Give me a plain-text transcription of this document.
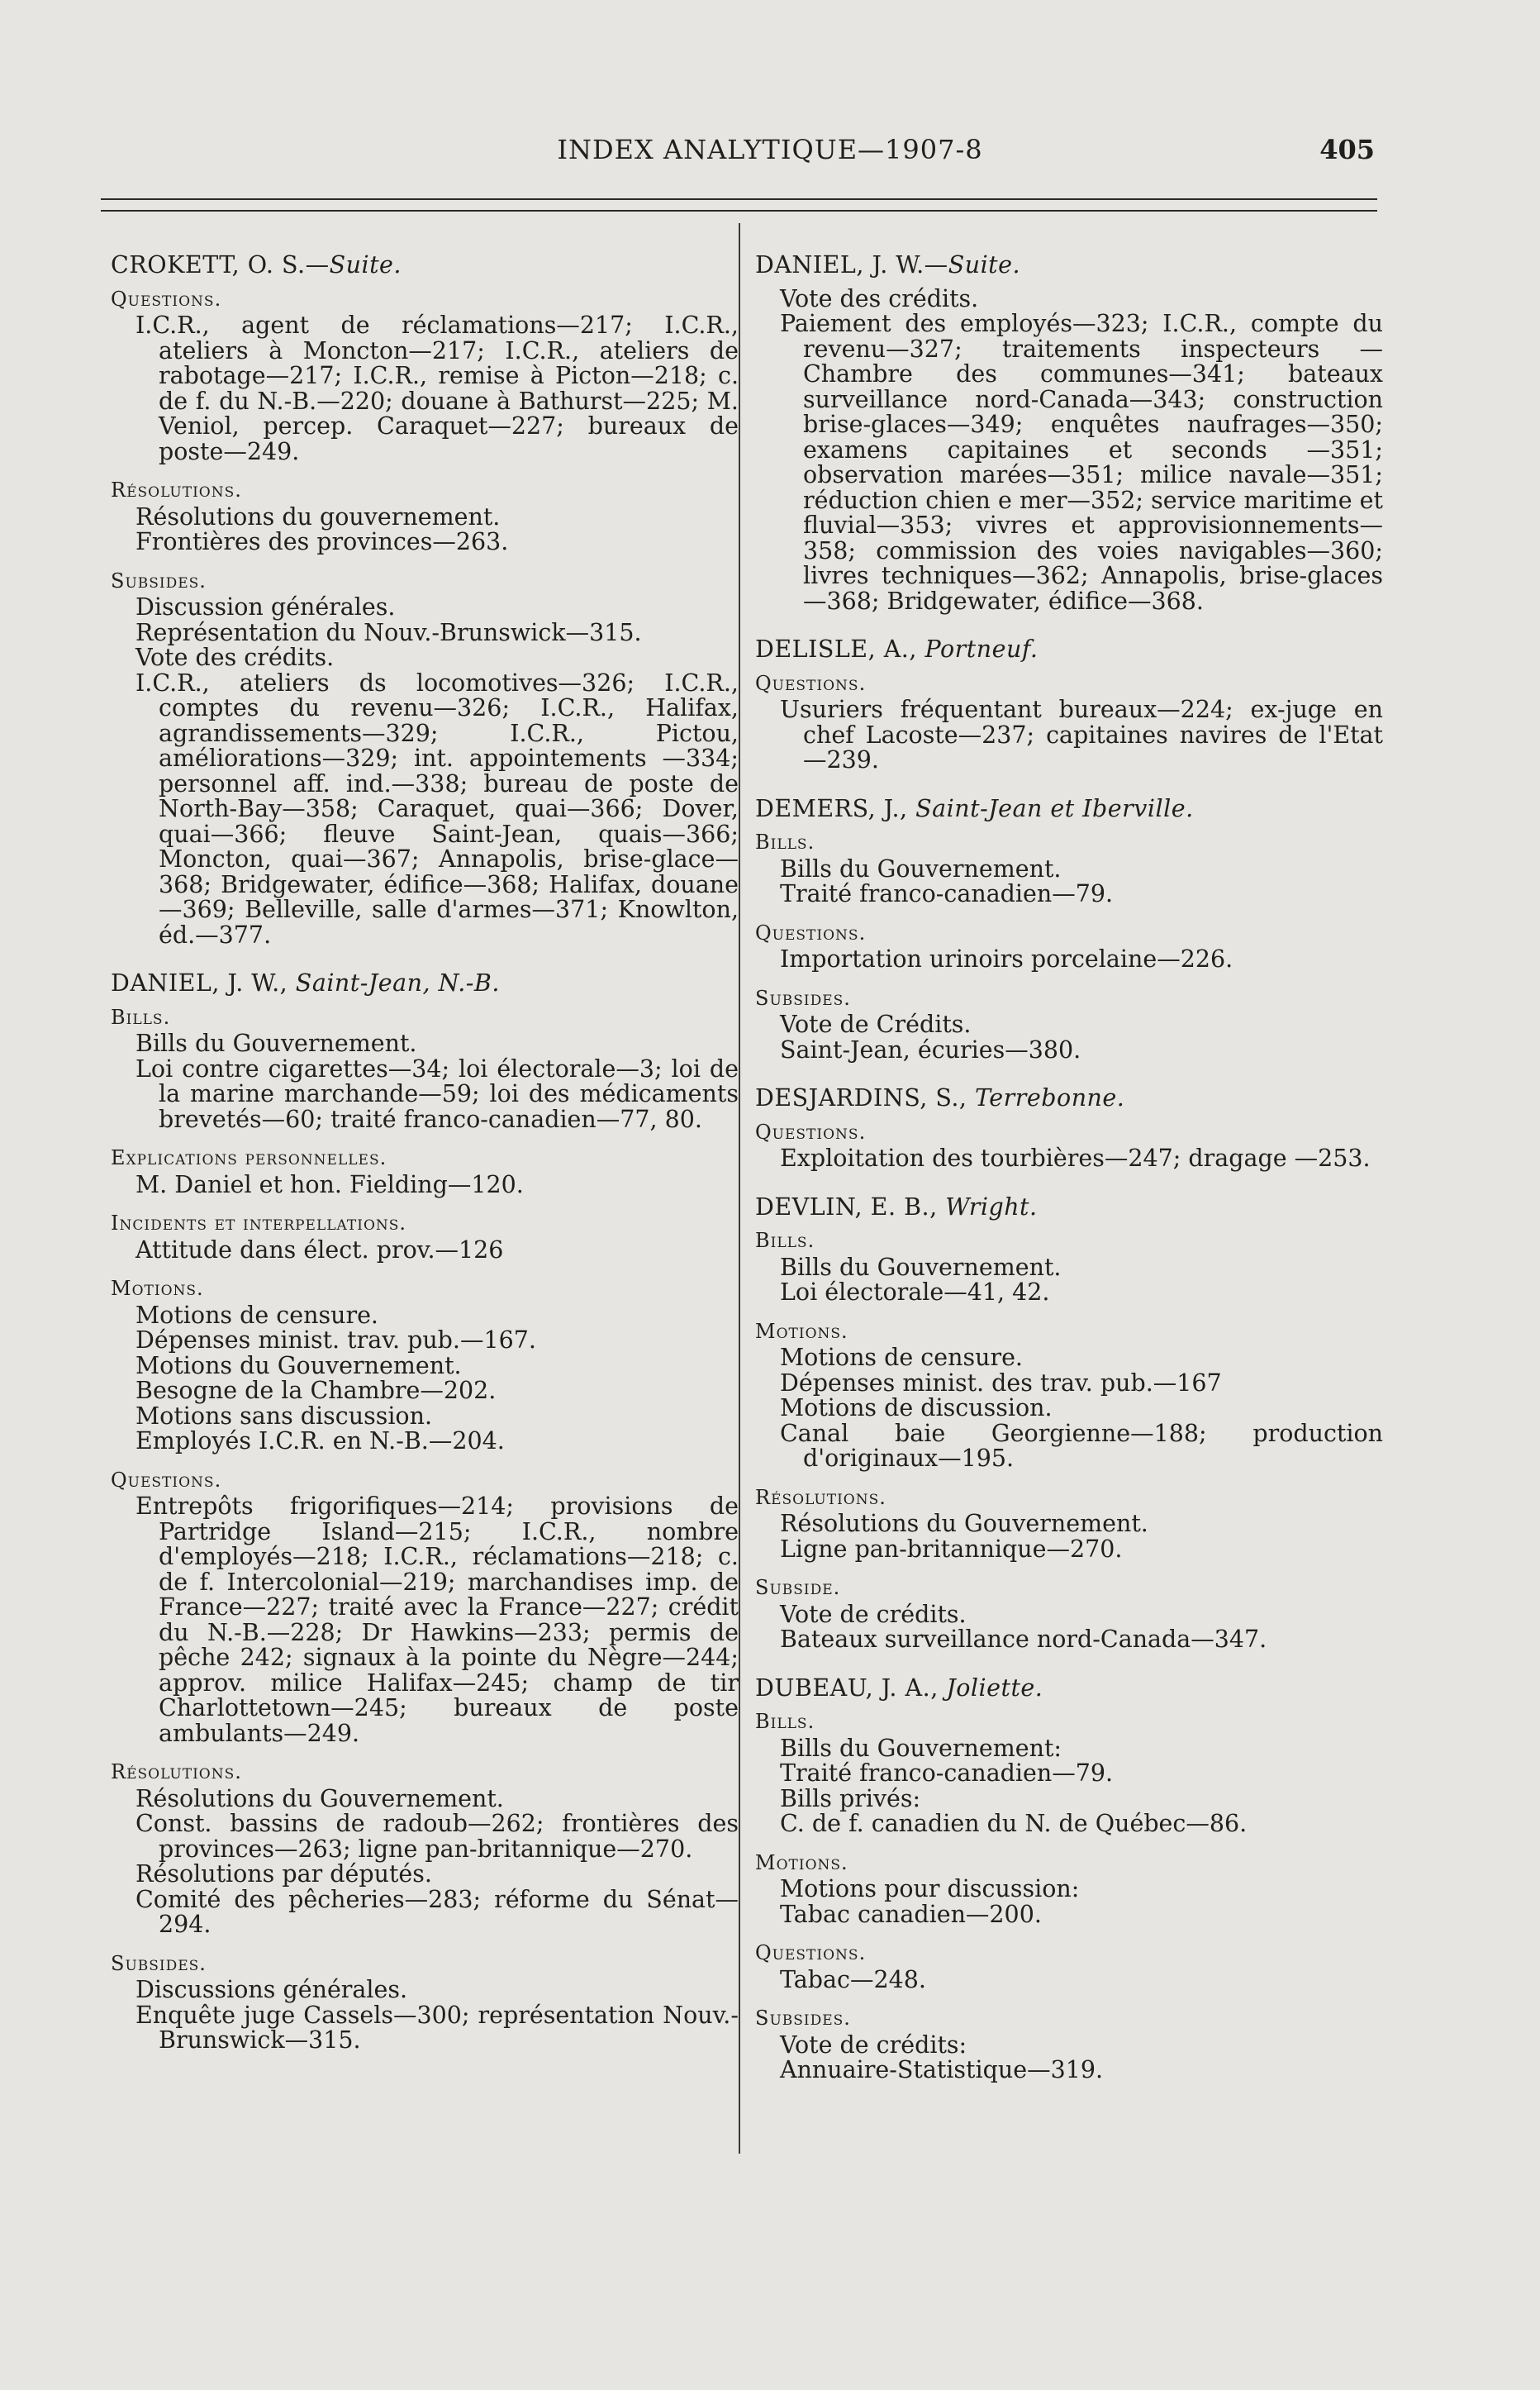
INDEX ANALYTIQUE—1907-8	405
CROKETT, O. S.—Suite.
Questions.
I.C.R., agent de réclamations—217; I.C.R., ateliers à Moncton—217; I.C.R., ateliers de rabotage—217; I.C.R., remise à Picton—218; c. de f. du N.-B.—220; douane à Bathurst—225; M. Veniol, percep. Caraquet—227; bureaux de poste—249.
Résolutions.
Résolutions du gouvernement.
Frontières des provinces—263.
Subsides.
Discussion générales.
Représentation du Nouv.-Brunswick—315.
Vote des crédits.
I.C.R., ateliers ds locomotives—326; I.C.R., comptes du revenu—326; I.C.R., Halifax, agrandissements—329; I.C.R., Pictou, améliorations—329; int. appointements —334; personnel aff. ind.—338; bureau de poste de North-Bay—358; Caraquet, quai—366; Dover, quai—366; fleuve Saint-Jean, quais—366; Moncton, quai—367; Annapolis, brise-glace—368; Bridgewater, édifice—368; Halifax, douane—369; Belleville, salle d'armes—371; Knowlton, éd.—377.
DANIEL, J. W., Saint-Jean, N.-B.
Bills.
Bills du Gouvernement.
Loi contre cigarettes—34; loi électorale—3; loi de la marine marchande—59; loi des médicaments brevetés—60; traité franco-canadien—77, 80.
Explications personnelles.
M. Daniel et hon. Fielding—120.
Incidents et interpellations.
Attitude dans élect. prov.—126
Motions.
Motions de censure.
Dépenses minist. trav. pub.—167.
Motions du Gouvernement.
Besogne de la Chambre—202.
Motions sans discussion.
Employés I.C.R. en N.-B.—204.
Questions.
Entrepôts frigorifiques—214; provisions de Partridge Island—215; I.C.R., nombre d'employés—218; I.C.R., réclamations—218; c. de f. Intercolonial—219; marchandises imp. de France—227; traité avec la France—227; crédit du N.-B.—228; Dr Hawkins—233; permis de pêche 242; signaux à la pointe du Nègre—244; approv. milice Halifax—245; champ de tir Charlottetown—245; bureaux de poste ambulants—249.
Résolutions.
Résolutions du Gouvernement.
Const. bassins de radoub—262; frontières des provinces—263; ligne pan-britannique—270.
Résolutions par députés.
Comité des pêcheries—283; réforme du Sénat—294.
Subsides.
Discussions générales.
Enquête juge Cassels—300; représentation Nouv.-Brunswick—315.
DANIEL, J. W.—Suite.
Vote des crédits.
Paiement des employés—323; I.C.R., compte du revenu—327; traitements inspecteurs —Chambre des communes—341; bateaux surveillance nord-Canada—343; construction brise-glaces—349; enquêtes naufrages—350; examens capitaines et seconds —351; observation marées—351; milice navale—351; réduction chien e mer—352; service maritime et fluvial—353; vivres et approvisionnements—358; commission des voies navigables—360; livres techniques—362; Annapolis, brise-glaces —368; Bridgewater, édifice—368.
DELISLE, A., Portneuf.
Questions.
Usuriers fréquentant bureaux—224; ex-juge en chef Lacoste—237; capitaines navires de l'Etat—239.
DEMERS, J., Saint-Jean et Iberville.
Bills.
Bills du Gouvernement.
Traité franco-canadien—79.
Questions.
Importation urinoirs porcelaine—226.
Subsides.
Vote de Crédits.
Saint-Jean, écuries—380.
DESJARDINS, S., Terrebonne.
Questions.
Exploitation des tourbières—247; dragage —253.
DEVLIN, E. B., Wright.
Bills.
Bills du Gouvernement.
Loi électorale—41, 42.
Motions.
Motions de censure.
Dépenses minist. des trav. pub.—167
Motions de discussion.
Canal baie Georgienne—188; production d'originaux—195.
Résolutions.
Résolutions du Gouvernement.
Ligne pan-britannique—270.
Subside.
Vote de crédits.
Bateaux surveillance nord-Canada—347.
DUBEAU, J. A., Joliette.
Bills.
Bills du Gouvernement:
Traité franco-canadien—79.
Bills privés:
C. de f. canadien du N. de Québec—86.
Motions.
Motions pour discussion:
Tabac canadien—200.
Questions.
Tabac—248.
Subsides.
Vote de crédits:
Annuaire-Statistique—319.
